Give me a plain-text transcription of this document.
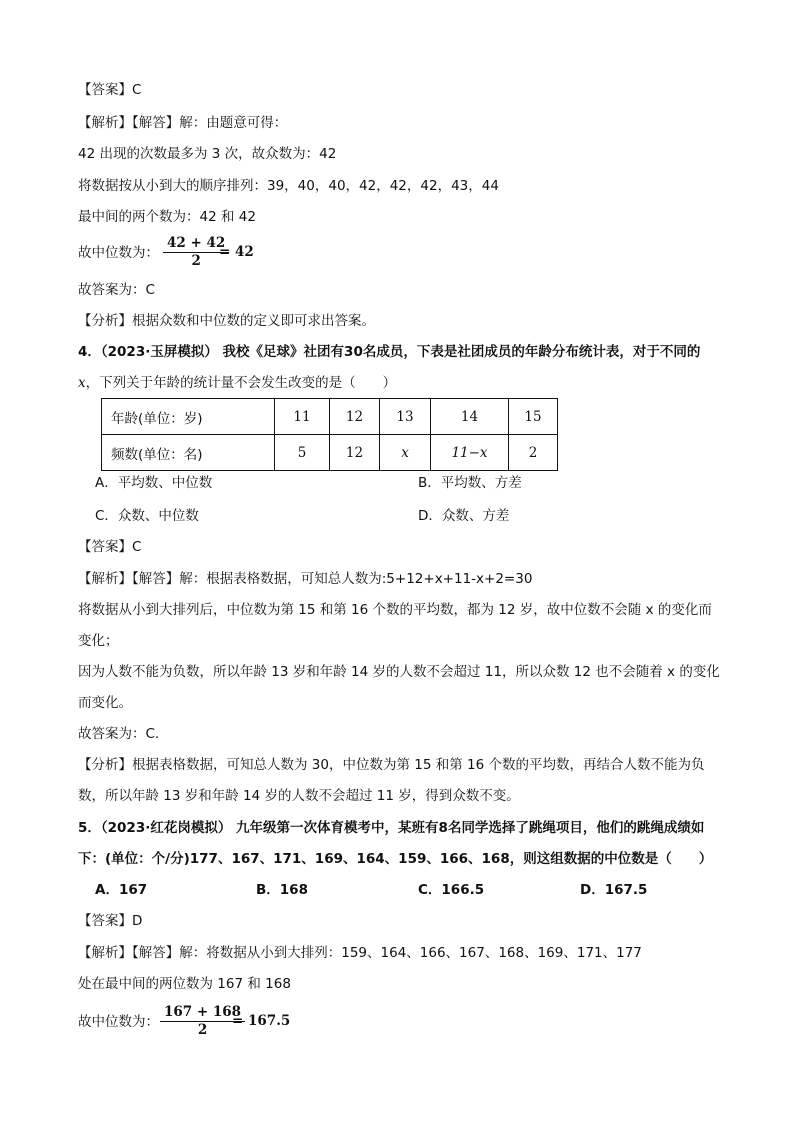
【答案】C
【解析】【解答】解：由题意可得：
42 出现的次数最多为 3 次，故众数为：42
将数据按从小到大的顺序排列：39，40，40，42，42，42，43，44
最中间的两个数为：42 和 42
故中位数为： $\frac{42 + 42}{2}$
= 42
故答案为：C
【分析】根据众数和中位数的定义即可求出答案。
4．（2023·玉屏模拟） 我校《足球》社团有30名成员，下表是社团成员的年龄分布统计表，对于不同的
x，下列关于年龄的统计量不会发生改变的是（　　）
年龄(单位：岁)	11	12	13	14	15
频数(单位：名)	5	12	x	11−x	2
A．平均数、中位数	B．平均数、方差
C．众数、中位数	D．众数、方差
【答案】C
【解析】【解答】解：根据表格数据，可知总人数为:5+12+x+11-x+2=30
将数据从小到大排列后，中位数为第 15 和第 16 个数的平均数，都为 12 岁，故中位数不会随 x 的变化而
变化；
因为人数不能为负数，所以年龄 13 岁和年龄 14 岁的人数不会超过 11，所以众数 12 也不会随着 x 的变化
而变化。
故答案为：C.
【分析】根据表格数据，可知总人数为 30，中位数为第 15 和第 16 个数的平均数，再结合人数不能为负
数，所以年龄 13 岁和年龄 14 岁的人数不会超过 11 岁，得到众数不变。
5．（2023·红花岗模拟） 九年级第一次体育模考中，某班有8名同学选择了跳绳项目，他们的跳绳成绩如
下：(单位：个/分)177、167、171、169、164、159、166、168，则这组数据的中位数是（　　）
A．167	B．168	C．166.5	D．167.5
【答案】D
【解析】【解答】解：将数据从小到大排列：159、164、166、167、168、169、171、177
处在最中间的两位数为 167 和 168
故中位数为： $\frac{167 + 168}{2}$
= 167.5
